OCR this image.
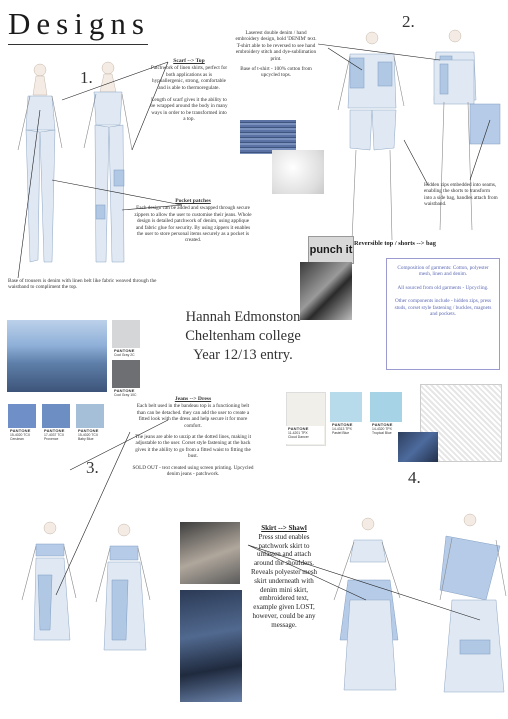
Designs
1.
2.
3.
4.
Scarf --> Top
Patchwork of linen shirts, perfect for both applications as is hypoallergenic, strong, comfortable and is able to thermoregulate.
Length of scarf gives it the ability to be wrapped around the body in many ways in order to be transformed into a top.
Pocket patches
Each design can be added and swapped through secure zippers to allow the user to customise their jeans. Whole design is detailed patchwork of denim, using applique and fabric glue for security. By using zippers it enables the user to store personal items securely as a pocket is created.
Base of trousers is denim with linen belt like fabric weaved through the waistband to compliment the top.
Laserest double denim / hand embroidery design, bold 'DENIM' text. T-shirt able to be reversed to see hand embroidery stitch and dye-sublimation print.
Base of t-shirt - 100% cotton from upcycled tops.
Hidden zips embedded into seams, enabling the shorts to transform into a side bag, handles attach from waistband.
punch it
Reversible top / shorts --> bag
Composition of garments: Cotton, polyester mesh, linen and denim.
All sourced from old garments - Upcycling.
Other components include - hidden zips, press studs, corset style fastening / buckles, magnets and pockets.
Hannah Edmonston
Cheltenham college
Year 12/13 entry.
PANTONE
Cool Gray 2C
PANTONE
Cool Gray 10C
PANTONE
15-4020 TCX
Cerulean
PANTONE
17-4037 TCX
Provence
PANTONE
15-4020 TCX
Baby Blue
Jeans --> Dress
Each belt used in the bandeau top is a functioning belt than can be detached. they can add the user to create a fitted look with the dress and help secure it for more comfort.
The jeans are able to unzip at the dotted lines, making it adjustable to the user. Corset style fastening at the back gives it the ability to go from a fitted waist to fitting the bust.
SOLD OUT - text created using screen printing. Upcycled denim jeans - patchwork.
PANTONE
11-4201 TPX
Cloud Dancer
PANTONE
14-4313 TPX
Pastel Blue
PANTONE
14-4320 TPX
Tropical Blue
Skirt --> Shawl
Press stud enables patchwork skirt to unfasten and attach around the shoulders. Reveals polyester mesh skirt underneath with denim mini skirt, embroidered text, example given LOST, however, could be any message.
